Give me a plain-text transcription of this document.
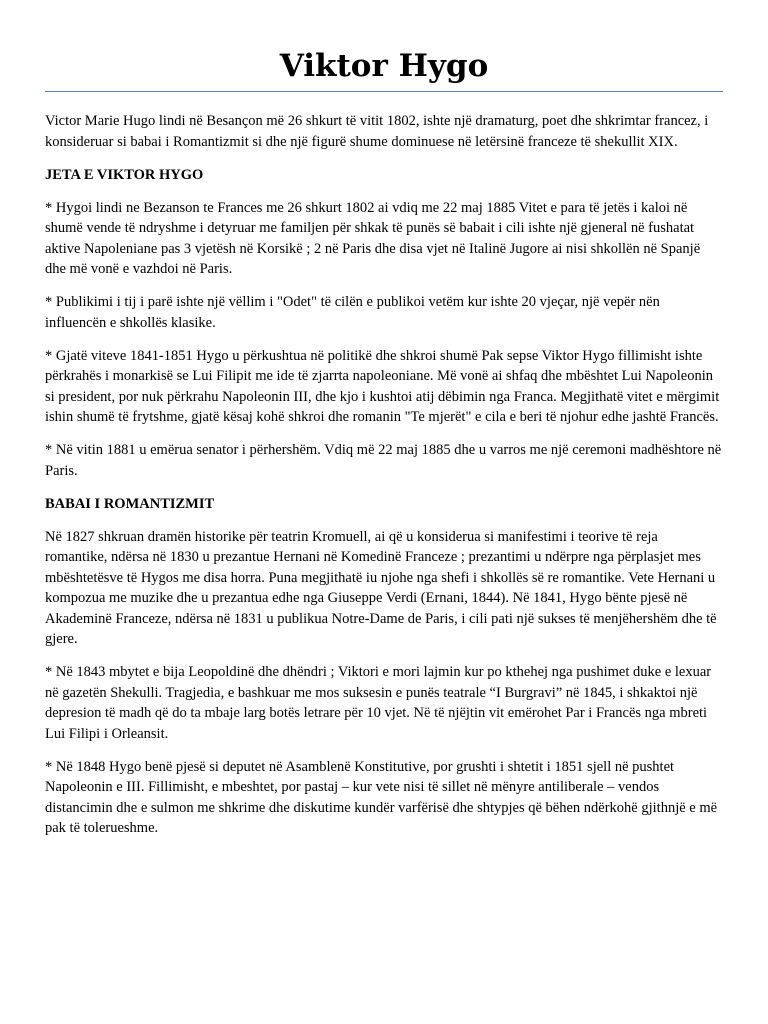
Viktor Hygo

Victor Marie Hugo lindi në Besançon më 26 shkurt të vitit 1802, ishte një dramaturg, poet dhe shkrimtar francez, i konsideruar si babai i Romantizmit si dhe një figurë shume dominuese në letërsinë franceze të shekullit XIX.

JETA E VIKTOR HYGO

* Hygoi lindi ne Bezanson te Frances me 26 shkurt 1802 ai vdiq me 22 maj 1885 Vitet e para të jetës i kaloi në shumë vende të ndryshme i detyruar me familjen për shkak të punës së babait i cili ishte një gjeneral në fushatat aktive Napoleniane pas 3 vjetësh në Korsikë ; 2 në Paris dhe disa vjet në Italinë Jugore ai nisi shkollën në Spanjë dhe më vonë e vazhdoi në Paris.

* Publikimi i tij i parë ishte një vëllim i "Odet" të cilën e publikoi vetëm kur ishte 20 vjeçar, një vepër nën influencën e shkollës klasike.

* Gjatë viteve 1841-1851 Hygo u përkushtua në politikë dhe shkroi shumë Pak sepse Viktor Hygo fillimisht ishte përkrahës i monarkisë se Lui Filipit me ide të zjarrta napoleoniane. Më vonë ai shfaq dhe mbështet Lui Napoleonin si president, por nuk përkrahu Napoleonin III, dhe kjo i kushtoi atij dëbimin nga Franca. Megjithatë vitet e mërgimit ishin shumë të frytshme, gjatë kësaj kohë shkroi dhe romanin "Te mjerët" e cila e beri të njohur edhe jashtë Francës.

* Në vitin 1881 u emërua senator i përhershëm. Vdiq më 22 maj 1885 dhe u varros me një ceremoni madhështore në Paris.

BABAI I ROMANTIZMIT

Në 1827 shkruan dramën historike për teatrin Kromuell, ai që u konsiderua si manifestimi i teorive të reja romantike, ndërsa në 1830 u prezantue Hernani në Komedinë Franceze ; prezantimi u ndërpre nga përplasjet mes mbështetësve të Hygos me disa horra. Puna megjithatë iu njohe nga shefi i shkollës së re romantike. Vete Hernani u kompozua me muzike dhe u prezantua edhe nga Giuseppe Verdi (Ernani, 1844). Në 1841, Hygo bënte pjesë në Akademinë Franceze, ndërsa në 1831 u publikua Notre-Dame de Paris, i cili pati një sukses të menjëhershëm dhe të gjere.

* Në 1843 mbytet e bija Leopoldinë dhe dhëndri ; Viktori e mori lajmin kur po kthehej nga pushimet duke e lexuar në gazetën Shekulli. Tragjedia, e bashkuar me mos suksesin e punës teatrale “I Burgravi” në 1845, i shkaktoi një depresion të madh që do ta mbaje larg botës letrare për 10 vjet. Në të njëjtin vit emërohet Par i Francës nga mbreti Lui Filipi i Orleansit.

* Në 1848 Hygo benë pjesë si deputet në Asamblenë Konstitutive, por grushti i shtetit i 1851 sjell në pushtet Napoleonin e III. Fillimisht, e mbeshtet, por pastaj – kur vete nisi të sillet në mënyre antiliberale – vendos distancimin dhe e sulmon me shkrime dhe diskutime kundër varfërisë dhe shtypjes që bëhen ndërkohë gjithnjë e më pak të tolerueshme.
